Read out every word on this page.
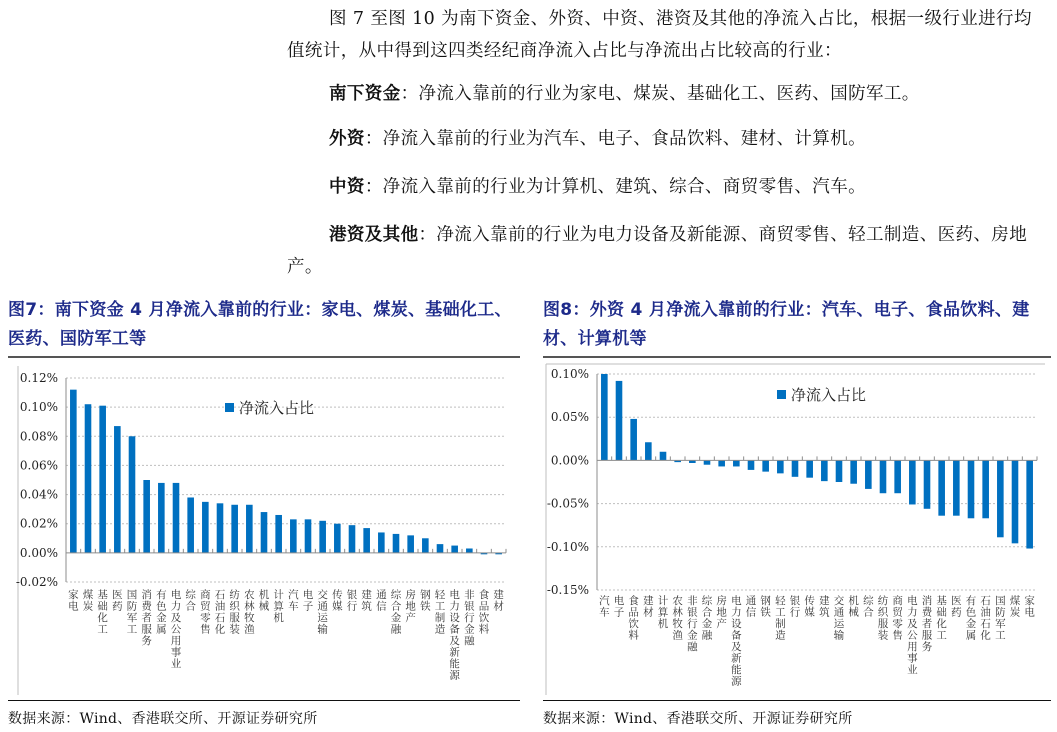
图 7 至图 10 为南下资金、外资、中资、港资及其他的净流入占比，根据一级行业进行均值统计，从中得到这四类经纪商净流入占比与净流出占比较高的行业：
南下资金：净流入靠前的行业为家电、煤炭、基础化工、医药、国防军工。
外资：净流入靠前的行业为汽车、电子、食品饮料、建材、计算机。
中资：净流入靠前的行业为计算机、建筑、综合、商贸零售、汽车。
港资及其他：净流入靠前的行业为电力设备及新能源、商贸零售、轻工制造、医药、房地产。
图7：南下资金 4 月净流入靠前的行业：家电、煤炭、基础化工、医药、国防军工等
图8：外资 4 月净流入靠前的行业：汽车、电子、食品饮料、建材、计算机等
0.12%
0.10%
0.08%
0.06%
0.04%
0.02%
0.00%
-0.02%
家电
煤炭
基础化工
医药
国防军工
消费者服务
有色金属
电力及公用事业
综合
商贸零售
石油石化
纺织服装
农林牧渔
机械
计算机
汽车
电子
交通运输
传媒
银行
建筑
通信
综合金融
房地产
钢铁
轻工制造
电力设备及新能源
非银行金融
食品饮料
建材
净流入占比
0.10%
0.05%
0.00%
-0.05%
-0.10%
-0.15%
汽车
电子
食品饮料
建材
计算机
农林牧渔
非银行金融
综合金融
房地产
电力设备及新能源
通信
钢铁
轻工制造
银行
传媒
建筑
交通运输
机械
综合
纺织服装
商贸零售
电力及公用事业
消费者服务
基础化工
医药
有色金属
石油石化
国防军工
煤炭
家电
净流入占比
数据来源：Wind、香港联交所、开源证券研究所	数据来源：Wind、香港联交所、开源证券研究所
